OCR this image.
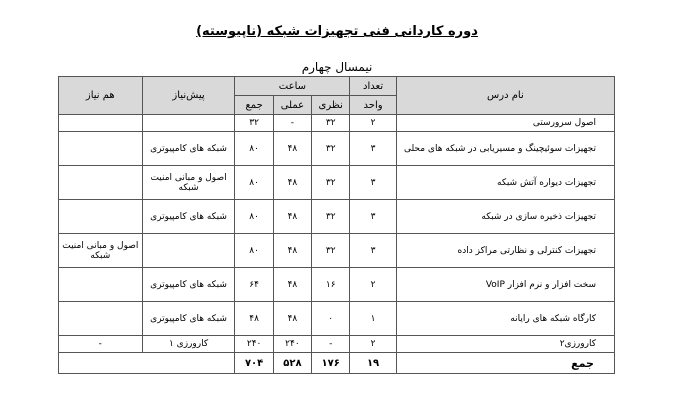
دوره کاردانی فنی تجهیزات شبکه (ناپیوسته)
نیمسال چهارم
نام درس	تعداد	ساعت			پیش‌نیاز	هم نیاز
	واحد	نظری	عملی	جمع		
اصول سرورستی	۲	۳۲	-	۳۲		
تجهیزات سوئیچینگ و مسیریابی در شبکه های محلی	۳	۳۲	۴۸	۸۰	شبکه های کامپیوتری	
تجهیزات دیواره آتش شبکه	۳	۳۲	۴۸	۸۰	اصول و مبانی امنیت شبکه	
تجهیزات ذخیره سازی در شبکه	۳	۳۲	۴۸	۸۰	شبکه های کامپیوتری	
تجهیزات کنترلی و نظارتی مراکز داده	۳	۳۲	۴۸	۸۰		اصول و مبانی امنیت شبکه
سخت افزار و نرم افزار VoIP	۲	۱۶	۴۸	۶۴	شبکه های کامپیوتری	
کارگاه شبکه های رایانه	۱	۰	۴۸	۴۸	شبکه های کامپیوتری	
کارورزی۲	۲	-	۲۴۰	۲۴۰	کارورزی ۱	-
جمع	۱۹	۱۷۶	۵۲۸	۷۰۴		
